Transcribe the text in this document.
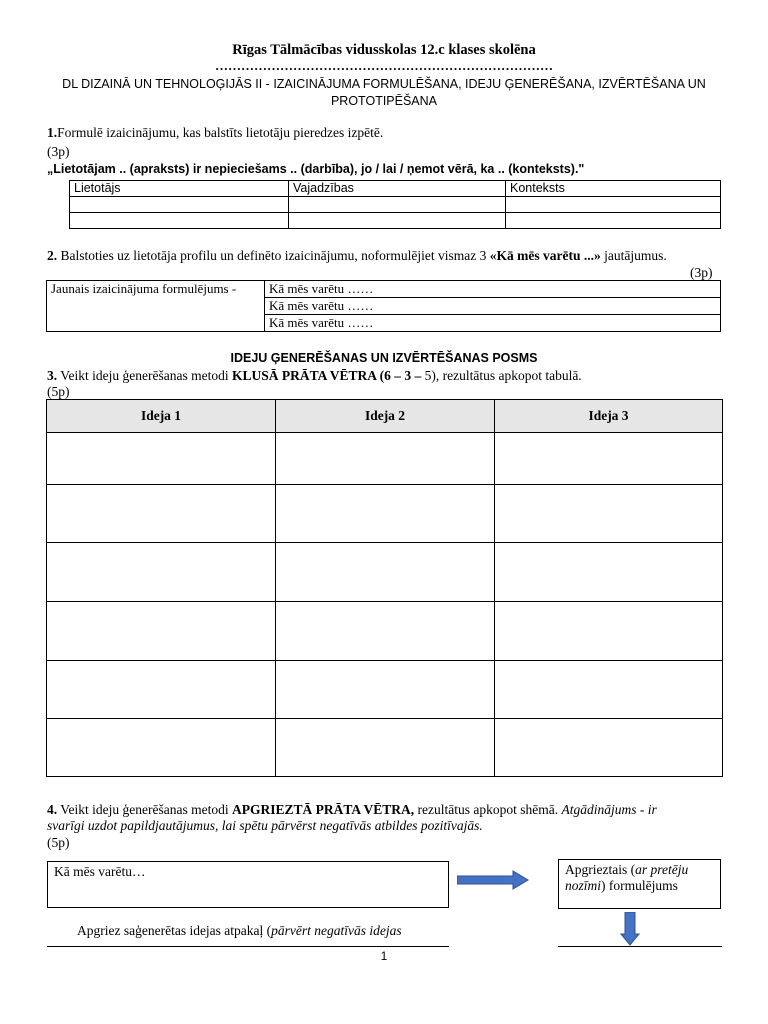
Rīgas Tālmācības vidusskolas 12.c klases skolēna
……………………………………………………………………
DL DIZAINĀ UN TEHNOLOĢIJĀS II - IZAICINĀJUMA FORMULĒŠANA, IDEJU ĢENERĒŠANA, IZVĒRTĒŠANA UN
PROTOTIPĒŠANA
1.Formulē izaicinājumu, kas balstīts lietotāju pieredzes izpētē.
(3p)
„Lietotājam .. (apraksts) ir nepieciešams .. (darbība), jo / lai / ņemot vērā, ka .. (konteksts)."
Lietotājs	Vajadzības	Konteksts

2. Balstoties uz lietotāja profilu un definēto izaicinājumu, noformulējiet vismaz 3 «Kā mēs varētu ...» jautājumus.
(3p)
Jaunais izaicinājuma formulējums -	Kā mēs varētu ……
Kā mēs varētu ……
Kā mēs varētu ……
IDEJU ĢENERĒŠANAS UN IZVĒRTĒŠANAS POSMS
3. Veikt ideju ģenerēšanas metodi KLUSĀ PRĀTA VĒTRA (6 – 3 – 5), rezultātus apkopot tabulā.
(5p)
Ideja 1	Ideja 2	Ideja 3

4. Veikt ideju ģenerēšanas metodi APGRIEZTĀ PRĀTA VĒTRA, rezultātus apkopot shēmā. Atgādinājums - ir
svarīgi uzdot papildjautājumus, lai spētu pārvērst negatīvās atbildes pozitīvajās.
(5p)
Kā mēs varētu…	Apgrieztais (ar pretēju nozīmi) formulējums
Apgriez saģenerētas idejas atpakaļ (pārvērt negatīvās idejas
1
